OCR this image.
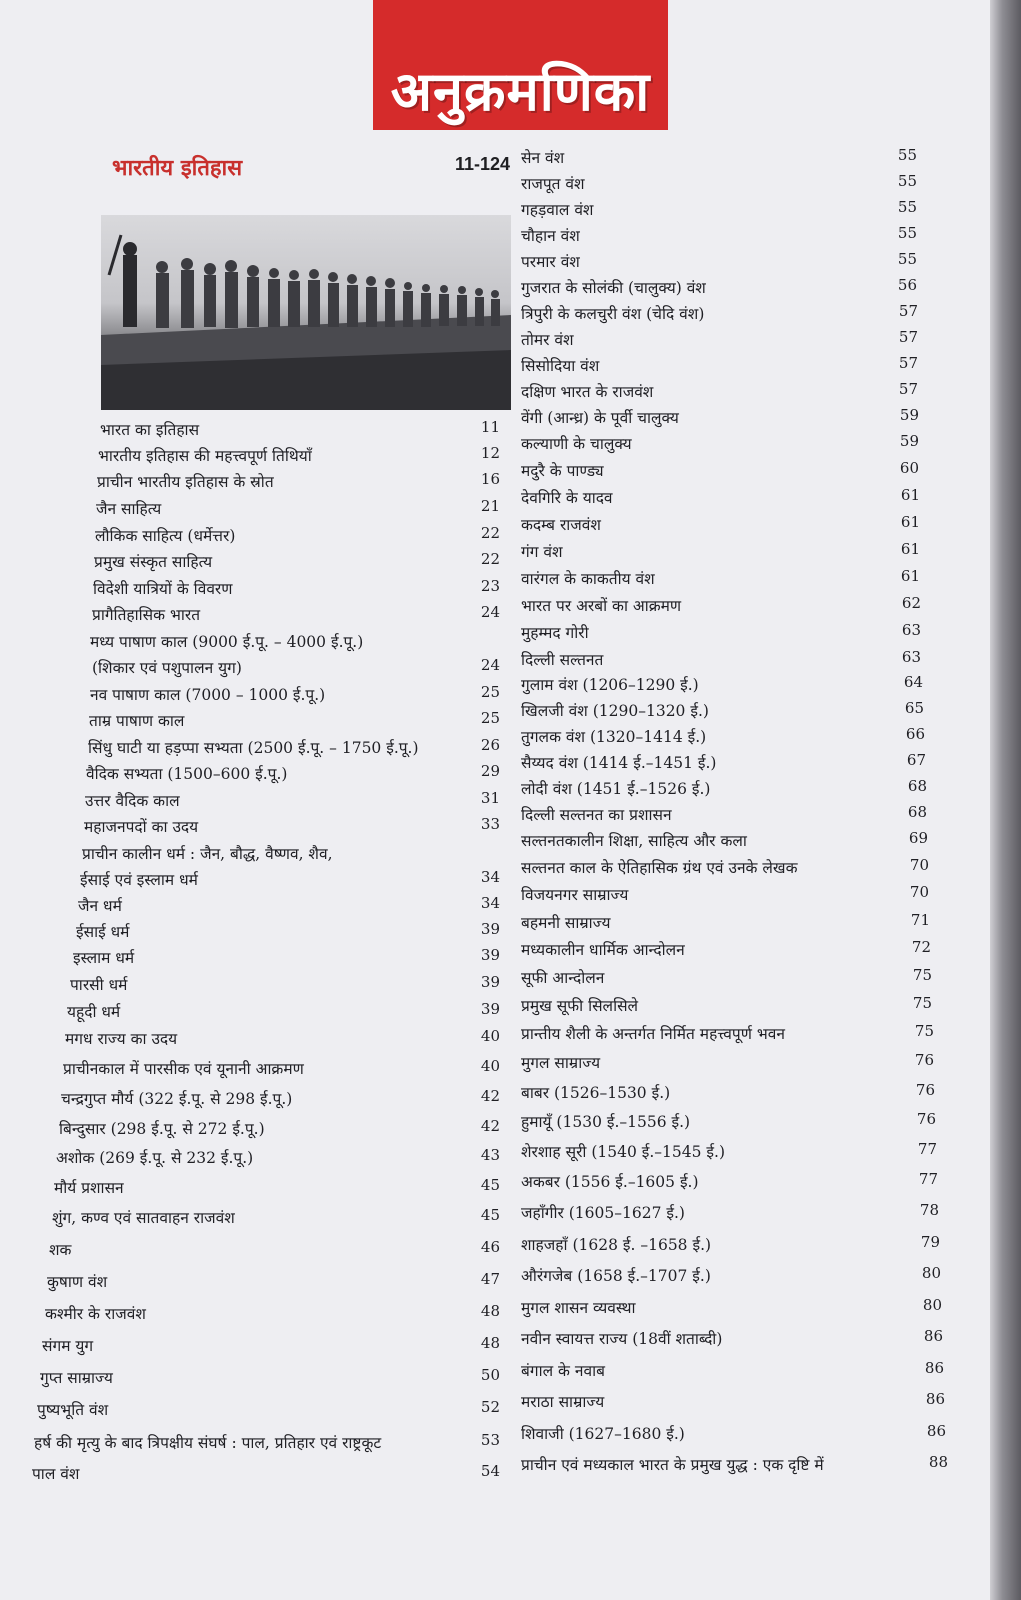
अनुक्रमणिका
भारतीय इतिहास	11-124
भारत का इतिहास	11
भारतीय इतिहास की महत्त्वपूर्ण तिथियाँ	12
प्राचीन भारतीय इतिहास के स्रोत	16
जैन साहित्य	21
लौकिक साहित्य (धर्मेत्तर)	22
प्रमुख संस्कृत साहित्य	22
विदेशी यात्रियों के विवरण	23
प्रागैतिहासिक भारत	24
मध्य पाषाण काल (9000 ई.पू. – 4000 ई.पू.)
(शिकार एवं पशुपालन युग)	24
नव पाषाण काल (7000 – 1000 ई.पू.)	25
ताम्र पाषाण काल	25
सिंधु घाटी या हड़प्पा सभ्यता (2500 ई.पू. – 1750 ई.पू.)	26
वैदिक सभ्यता (1500–600 ई.पू.)	29
उत्तर वैदिक काल	31
महाजनपदों का उदय	33
प्राचीन कालीन धर्म : जैन, बौद्ध, वैष्णव, शैव,
ईसाई एवं इस्लाम धर्म	34
जैन धर्म	34
ईसाई धर्म	39
इस्लाम धर्म	39
पारसी धर्म	39
यहूदी धर्म	39
मगध राज्य का उदय	40
प्राचीनकाल में पारसीक एवं यूनानी आक्रमण	40
चन्द्रगुप्त मौर्य (322 ई.पू. से 298 ई.पू.)	42
बिन्दुसार (298 ई.पू. से 272 ई.पू.)	42
अशोक (269 ई.पू. से 232 ई.पू.)	43
मौर्य प्रशासन	45
शुंग, कण्व एवं सातवाहन राजवंश	45
शक	46
कुषाण वंश	47
कश्मीर के राजवंश	48
संगम युग	48
गुप्त साम्राज्य	50
पुष्यभूति वंश	52
हर्ष की मृत्यु के बाद त्रिपक्षीय संघर्ष : पाल, प्रतिहार एवं राष्ट्रकूट	53
पाल वंश	54
सेन वंश	55
राजपूत वंश	55
गहड़वाल वंश	55
चौहान वंश	55
परमार वंश	55
गुजरात के सोलंकी (चालुक्य) वंश	56
त्रिपुरी के कलचुरी वंश (चेदि वंश)	57
तोमर वंश	57
सिसोदिया वंश	57
दक्षिण भारत के राजवंश	57
वेंगी (आन्ध्र) के पूर्वी चालुक्य	59
कल्याणी के चालुक्य	59
मदुरै के पाण्ड्य	60
देवगिरि के यादव	61
कदम्ब राजवंश	61
गंग वंश	61
वारंगल के काकतीय वंश	61
भारत पर अरबों का आक्रमण	62
मुहम्मद गोरी	63
दिल्ली सल्तनत	63
गुलाम वंश (1206–1290 ई.)	64
खिलजी वंश (1290–1320 ई.)	65
तुगलक वंश (1320–1414 ई.)	66
सैय्यद वंश (1414 ई.–1451 ई.)	67
लोदी वंश (1451 ई.–1526 ई.)	68
दिल्ली सल्तनत का प्रशासन	68
सल्तनतकालीन शिक्षा, साहित्य और कला	69
सल्तनत काल के ऐतिहासिक ग्रंथ एवं उनके लेखक	70
विजयनगर साम्राज्य	70
बहमनी साम्राज्य	71
मध्यकालीन धार्मिक आन्दोलन	72
सूफी आन्दोलन	75
प्रमुख सूफी सिलसिले	75
प्रान्तीय शैली के अन्तर्गत निर्मित महत्त्वपूर्ण भवन	75
मुगल साम्राज्य	76
बाबर (1526–1530 ई.)	76
हुमायूँ (1530 ई.–1556 ई.)	76
शेरशाह सूरी (1540 ई.–1545 ई.)	77
अकबर (1556 ई.–1605 ई.)	77
जहाँगीर (1605–1627 ई.)	78
शाहजहाँ (1628 ई. –1658 ई.)	79
औरंगजेब (1658 ई.–1707 ई.)	80
मुगल शासन व्यवस्था	80
नवीन स्वायत्त राज्य (18वीं शताब्दी)	86
बंगाल के नवाब	86
मराठा साम्राज्य	86
शिवाजी (1627–1680 ई.)	86
प्राचीन एवं मध्यकाल भारत के प्रमुख युद्ध : एक दृष्टि में	88
